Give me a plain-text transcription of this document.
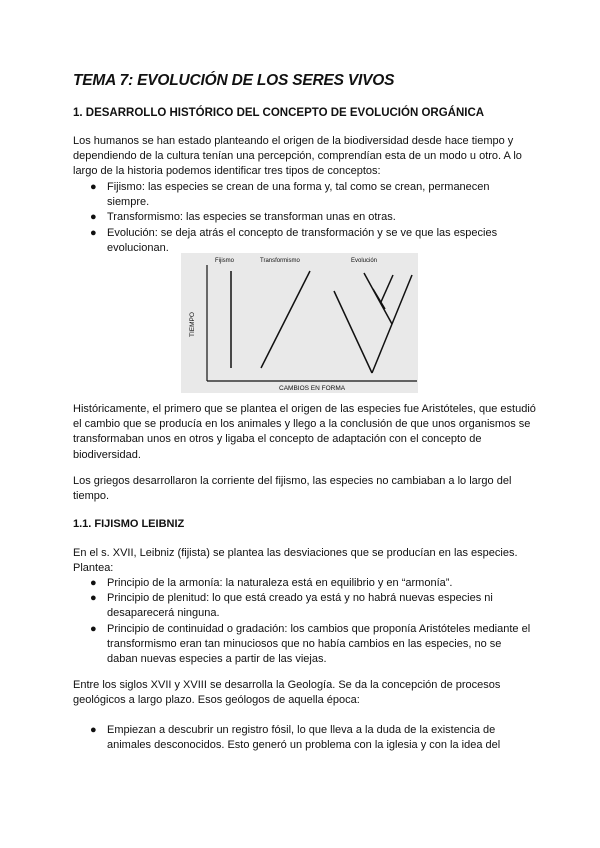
TEMA 7: EVOLUCIÓN DE LOS SERES VIVOS
1. DESARROLLO HISTÓRICO DEL CONCEPTO DE EVOLUCIÓN ORGÁNICA

Los humanos se han estado planteando el origen de la biodiversidad desde hace tiempo y dependiendo de la cultura tenían una percepción, comprendían esta de un modo u otro. A lo largo de la historia podemos identificar tres tipos de conceptos:

● Fijismo: las especies se crean de una forma y, tal como se crean, permanecen siempre.
● Transformismo: las especies se transforman unas en otras.
● Evolución: se deja atrás el concepto de transformación y se ve que las especies evolucionan.
Fijismo	Transformismo	Evolución
TIEMPO
CAMBIOS EN FORMA

Históricamente, el primero que se plantea el origen de las especies fue Aristóteles, que estudió el cambio que se producía en los animales y llego a la conclusión de que unos organismos se transformaban unos en otros y ligaba el concepto de adaptación con el concepto de biodiversidad.

Los griegos desarrollaron la corriente del fijismo, las especies no cambiaban a lo largo del tiempo.

1.1. FIJISMO LEIBNIZ

En el s. XVII, Leibniz (fijista) se plantea las desviaciones que se producían en las especies. Plantea:

● Principio de la armonía: la naturaleza está en equilibrio y en “armonía”.
● Principio de plenitud: lo que está creado ya está y no habrá nuevas especies ni desaparecerá ninguna.
● Principio de continuidad o gradación: los cambios que proponía Aristóteles mediante el transformismo eran tan minuciosos que no había cambios en las especies, no se daban nuevas especies a partir de las viejas.

Entre los siglos XVII y XVIII se desarrolla la Geología. Se da la concepción de procesos geológicos a largo plazo. Esos geólogos de aquella época:

● Empiezan a descubrir un registro fósil, lo que lleva a la duda de la existencia de animales desconocidos. Esto generó un problema con la iglesia y con la idea del
